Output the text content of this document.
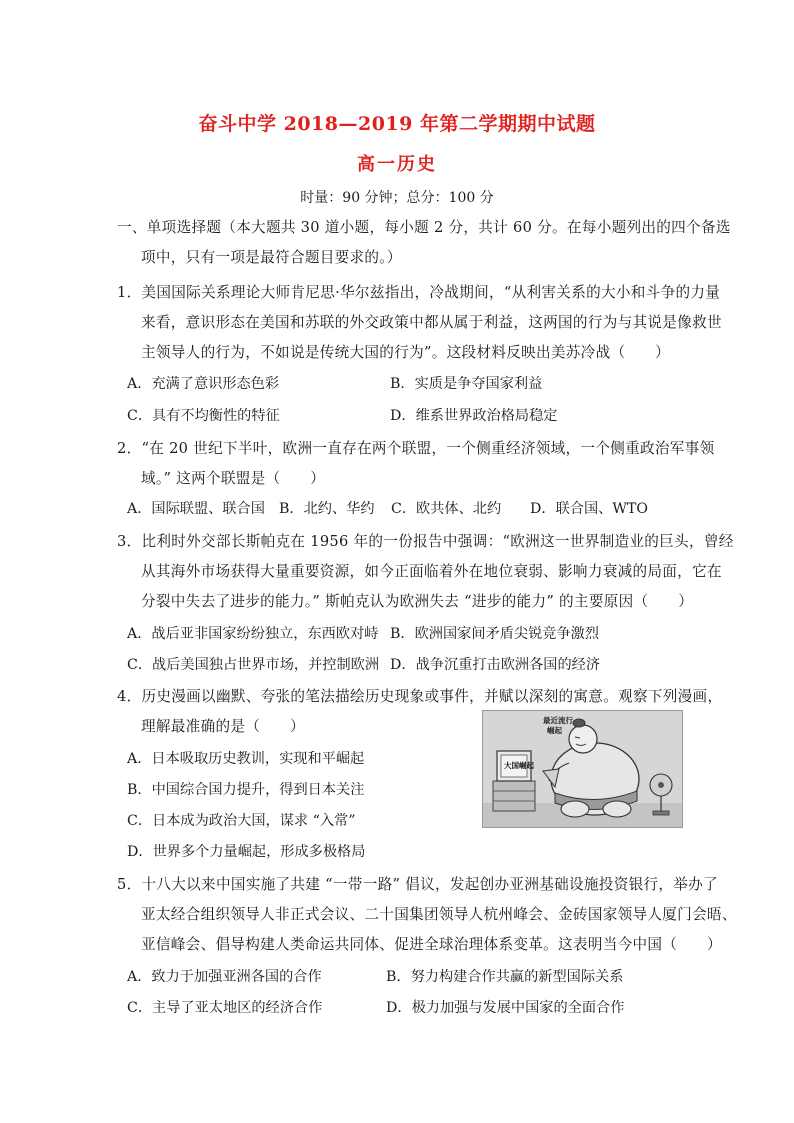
奋斗中学 2018—2019 年第二学期期中试题
高一历史
时量：90 分钟；总分：100 分
一、单项选择题（本大题共 30 道小题，每小题 2 分，共计 60 分。在每小题列出的四个备选
项中，只有一项是最符合题目要求的。）
1．美国国际关系理论大师肯尼思·华尔兹指出，冷战期间，“从利害关系的大小和斗争的力量
来看，意识形态在美国和苏联的外交政策中都从属于利益，这两国的行为与其说是像救世
主领导人的行为，不如说是传统大国的行为”。这段材料反映出美苏冷战（　　）
A．充满了意识形态色彩	B．实质是争夺国家利益
C．具有不均衡性的特征	D．维系世界政治格局稳定
2．“在 20 世纪下半叶，欧洲一直存在两个联盟，一个侧重经济领域，一个侧重政治军事领
域。” 这两个联盟是（　　）
A．国际联盟、联合国 B．北约、华约 C．欧共体、北约 D．联合国、WTO
3．比利时外交部长斯帕克在 1956 年的一份报告中强调：“欧洲这一世界制造业的巨头，曾经
从其海外市场获得大量重要资源，如今正面临着外在地位衰弱、影响力衰减的局面，它在
分裂中失去了进步的能力。” 斯帕克认为欧洲失去 “进步的能力” 的主要原因（　　）
A．战后亚非国家纷纷独立，东西欧对峙 B．欧洲国家间矛盾尖锐竞争激烈
C．战后美国独占世界市场，并控制欧洲 D．战争沉重打击欧洲各国的经济
4．历史漫画以幽默、夸张的笔法描绘历史现象或事件，并赋以深刻的寓意。观察下列漫画，
理解最准确的是（　　）
A．日本吸取历史教训，实现和平崛起
B．中国综合国力提升，得到日本关注
C．日本成为政治大国，谋求 “入常”
D．世界多个力量崛起，形成多极格局
最近流行
崛起
大国崛起
5．十八大以来中国实施了共建 “一带一路” 倡议，发起创办亚洲基础设施投资银行，举办了
亚太经合组织领导人非正式会议、二十国集团领导人杭州峰会、金砖国家领导人厦门会晤、
亚信峰会、倡导构建人类命运共同体、促进全球治理体系变革。这表明当今中国（　　）
A．致力于加强亚洲各国的合作	B．努力构建合作共赢的新型国际关系
C．主导了亚太地区的经济合作	D．极力加强与发展中国家的全面合作
